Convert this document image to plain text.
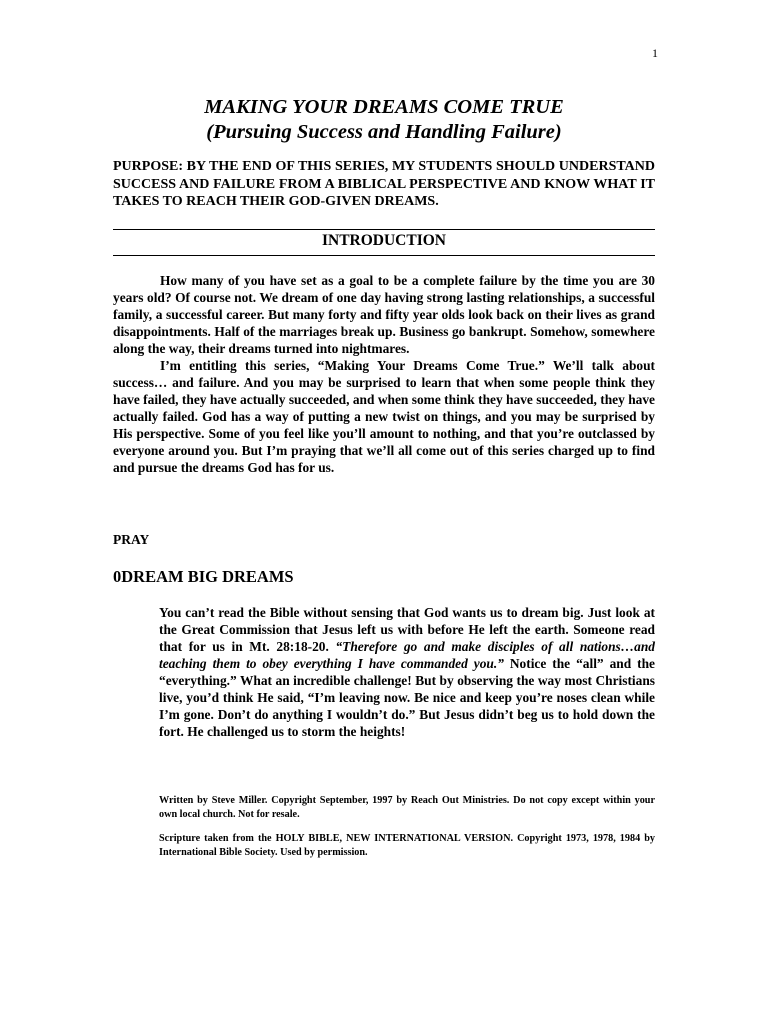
1
MAKING YOUR DREAMS COME TRUE
(Pursuing Success and Handling Failure)
PURPOSE: BY THE END OF THIS SERIES, MY STUDENTS SHOULD UNDERSTAND SUCCESS AND FAILURE FROM A BIBLICAL PERSPECTIVE AND KNOW WHAT IT TAKES TO REACH THEIR GOD-GIVEN DREAMS.
INTRODUCTION

How many of you have set as a goal to be a complete failure by the time you are 30 years old? Of course not. We dream of one day having strong lasting relationships, a successful family, a successful career. But many forty and fifty year olds look back on their lives as grand disappointments. Half of the marriages break up. Business go bankrupt. Somehow, somewhere along the way, their dreams turned into nightmares.

I’m entitling this series, “Making Your Dreams Come True.” We’ll talk about success… and failure. And you may be surprised to learn that when some people think they have failed, they have actually succeeded, and when some think they have succeeded, they have actually failed. God has a way of putting a new twist on things, and you may be surprised by His perspective. Some of you feel like you’ll amount to nothing, and that you’re outclassed by everyone around you. But I’m praying that we’ll all come out of this series charged up to find and pursue the dreams God has for us.

PRAY
0DREAM BIG DREAMS

You can’t read the Bible without sensing that God wants us to dream big. Just look at the Great Commission that Jesus left us with before He left the earth. Someone read that for us in Mt. 28:18-20. “Therefore go and make disciples of all nations…and teaching them to obey everything I have commanded you.” Notice the “all” and the “everything.” What an incredible challenge! But by observing the way most Christians live, you’d think He said, “I’m leaving now. Be nice and keep you’re noses clean while I’m gone. Don’t do anything I wouldn’t do.” But Jesus didn’t beg us to hold down the fort. He challenged us to storm the heights!

Written by Steve Miller. Copyright September, 1997 by Reach Out Ministries. Do not copy except within your own local church. Not for resale.

Scripture taken from the HOLY BIBLE, NEW INTERNATIONAL VERSION. Copyright 1973, 1978, 1984 by International Bible Society. Used by permission.
